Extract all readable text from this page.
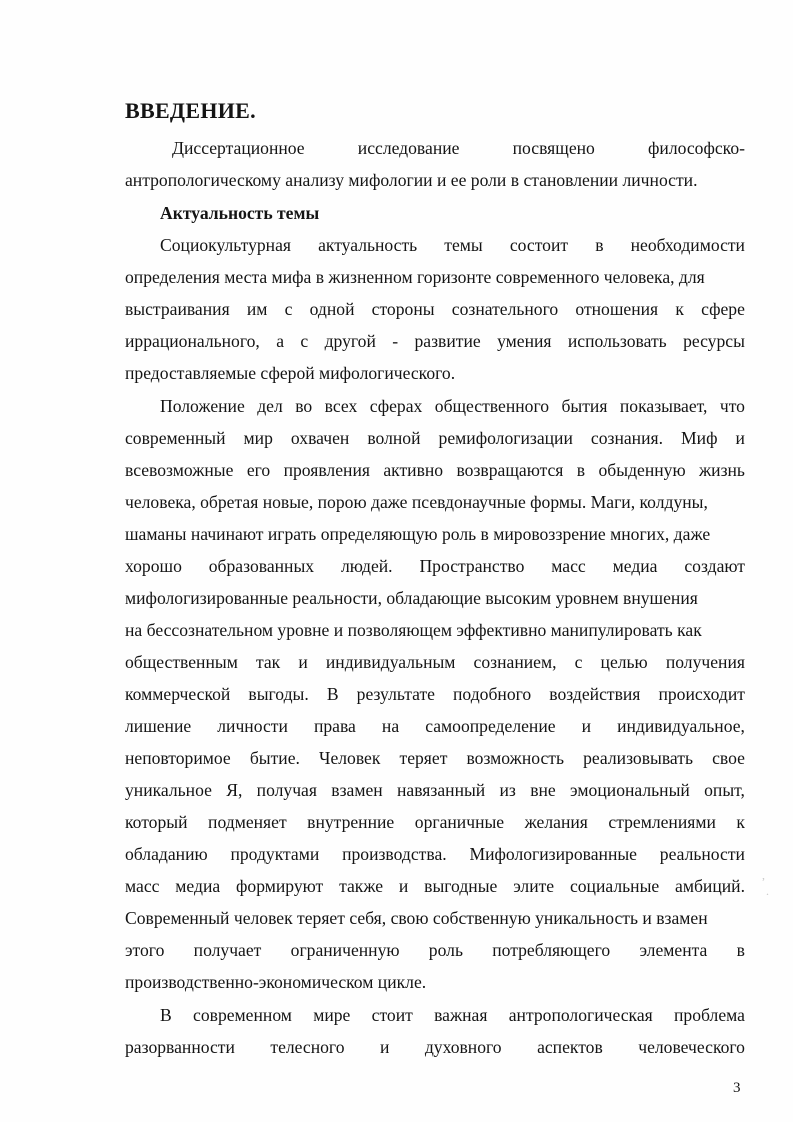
ВВЕДЕНИЕ.
Диссертационное	исследование	посвящено	философско-
антропологическому анализу мифологии и ее роли в становлении личности.
Актуальность темы
Социокультурная актуальность темы состоит в необходимости
определения места мифа в жизненном горизонте современного человека, для
выстраивания им с одной стороны сознательного отношения к сфере
иррационального, а с другой - развитие умения использовать ресурсы
предоставляемые сферой мифологического.
Положение дел во всех сферах общественного бытия показывает, что
современный мир охвачен волной ремифологизации сознания. Миф и
всевозможные его проявления активно возвращаются в обыденную жизнь
человека, обретая новые, порою даже псевдонаучные формы. Маги, колдуны,
шаманы начинают играть определяющую роль в мировоззрение многих, даже
хорошо образованных людей. Пространство масс медиа создают
мифологизированные реальности, обладающие высоким уровнем внушения
на бессознательном уровне и позволяющем эффективно манипулировать как
общественным так и индивидуальным сознанием, с целью получения
коммерческой выгоды. В результате подобного воздействия происходит
лишение личности права на самоопределение и индивидуальное,
неповторимое бытие. Человек теряет возможность реализовывать свое
уникальное Я, получая взамен навязанный из вне эмоциональный опыт,
который подменяет внутренние органичные желания стремлениями к
обладанию продуктами производства. Мифологизированные реальности
масс медиа формируют также и выгодные элите социальные амбиций.
Современный человек теряет себя, свою собственную уникальность и взамен
этого получает ограниченную роль потребляющего элемента в
производственно-экономическом цикле.
В современном мире стоит важная антропологическая проблема
разорванности телесного и духовного аспектов человеческого
3
,
.
